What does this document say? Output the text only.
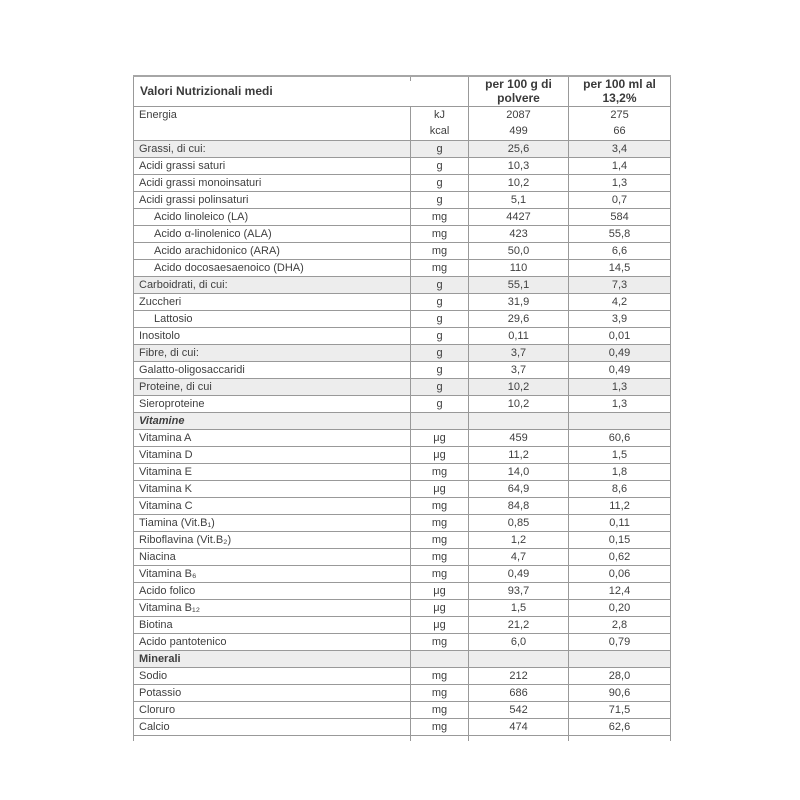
Valori Nutrizionali medi		per 100 g di polvere	per 100 ml al 13,2%
Energia	kJ	2087	275
	kcal	499	66
Grassi, di cui:	g	25,6	3,4
Acidi grassi saturi	g	10,3	1,4
Acidi grassi monoinsaturi	g	10,2	1,3
Acidi grassi polinsaturi	g	5,1	0,7
Acido linoleico (LA)	mg	4427	584
Acido α-linolenico (ALA)	mg	423	55,8
Acido arachidonico (ARA)	mg	50,0	6,6
Acido docosaesaenoico (DHA)	mg	110	14,5
Carboidrati, di cui:	g	55,1	7,3
Zuccheri	g	31,9	4,2
Lattosio	g	29,6	3,9
Inositolo	g	0,11	0,01
Fibre, di cui:	g	3,7	0,49
Galatto-oligosaccaridi	g	3,7	0,49
Proteine, di cui	g	10,2	1,3
Sieroproteine	g	10,2	1,3
Vitamine			
Vitamina A	μg	459	60,6
Vitamina D	μg	11,2	1,5
Vitamina E	mg	14,0	1,8
Vitamina K	μg	64,9	8,6
Vitamina C	mg	84,8	11,2
Tiamina (Vit.B₁)	mg	0,85	0,11
Riboflavina (Vit.B₂)	mg	1,2	0,15
Niacina	mg	4,7	0,62
Vitamina B₆	mg	0,49	0,06
Acido folico	μg	93,7	12,4
Vitamina B₁₂	μg	1,5	0,20
Biotina	μg	21,2	2,8
Acido pantotenico	mg	6,0	0,79
Minerali			
Sodio	mg	212	28,0
Potassio	mg	686	90,6
Cloruro	mg	542	71,5
Calcio	mg	474	62,6
